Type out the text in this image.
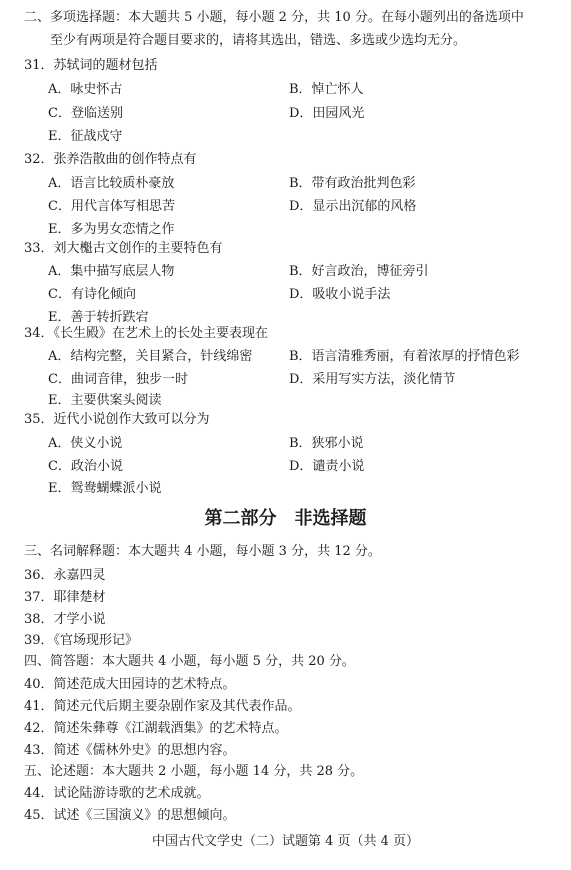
二、多项选择题：本大题共 5 小题，每小题 2 分，共 10 分。在每小题列出的备选项中
至少有两项是符合题目要求的，请将其选出，错选、多选或少选均无分。
31．苏轼词的题材包括
A．咏史怀古	B．悼亡怀人
C．登临送别	D．田园风光
E．征战戍守
32．张养浩散曲的创作特点有
A．语言比较质朴豪放	B．带有政治批判色彩
C．用代言体写相思苦	D．显示出沉郁的风格
E．多为男女恋情之作
33．刘大櫆古文创作的主要特色有
A．集中描写底层人物	B．好言政治，博征旁引
C．有诗化倾向	D．吸收小说手法
E．善于转折跌宕
34．《长生殿》在艺术上的长处主要表现在
A．结构完整，关目紧合，针线绵密	B．语言清雅秀丽，有着浓厚的抒情色彩
C．曲词音律，独步一时	D．采用写实方法，淡化情节
E．主要供案头阅读
35．近代小说创作大致可以分为
A．侠义小说	B．狭邪小说
C．政治小说	D．谴责小说
E．鸳鸯蝴蝶派小说
第二部分　非选择题
三、名词解释题：本大题共 4 小题，每小题 3 分，共 12 分。
36．永嘉四灵
37．耶律楚材
38．才学小说
39．《官场现形记》
四、简答题：本大题共 4 小题，每小题 5 分，共 20 分。
40．简述范成大田园诗的艺术特点。
41．简述元代后期主要杂剧作家及其代表作品。
42．简述朱彝尊《江湖载酒集》的艺术特点。
43．简述《儒林外史》的思想内容。
五、论述题：本大题共 2 小题，每小题 14 分，共 28 分。
44．试论陆游诗歌的艺术成就。
45．试述《三国演义》的思想倾向。
中国古代文学史（二）试题第 4 页（共 4 页）
